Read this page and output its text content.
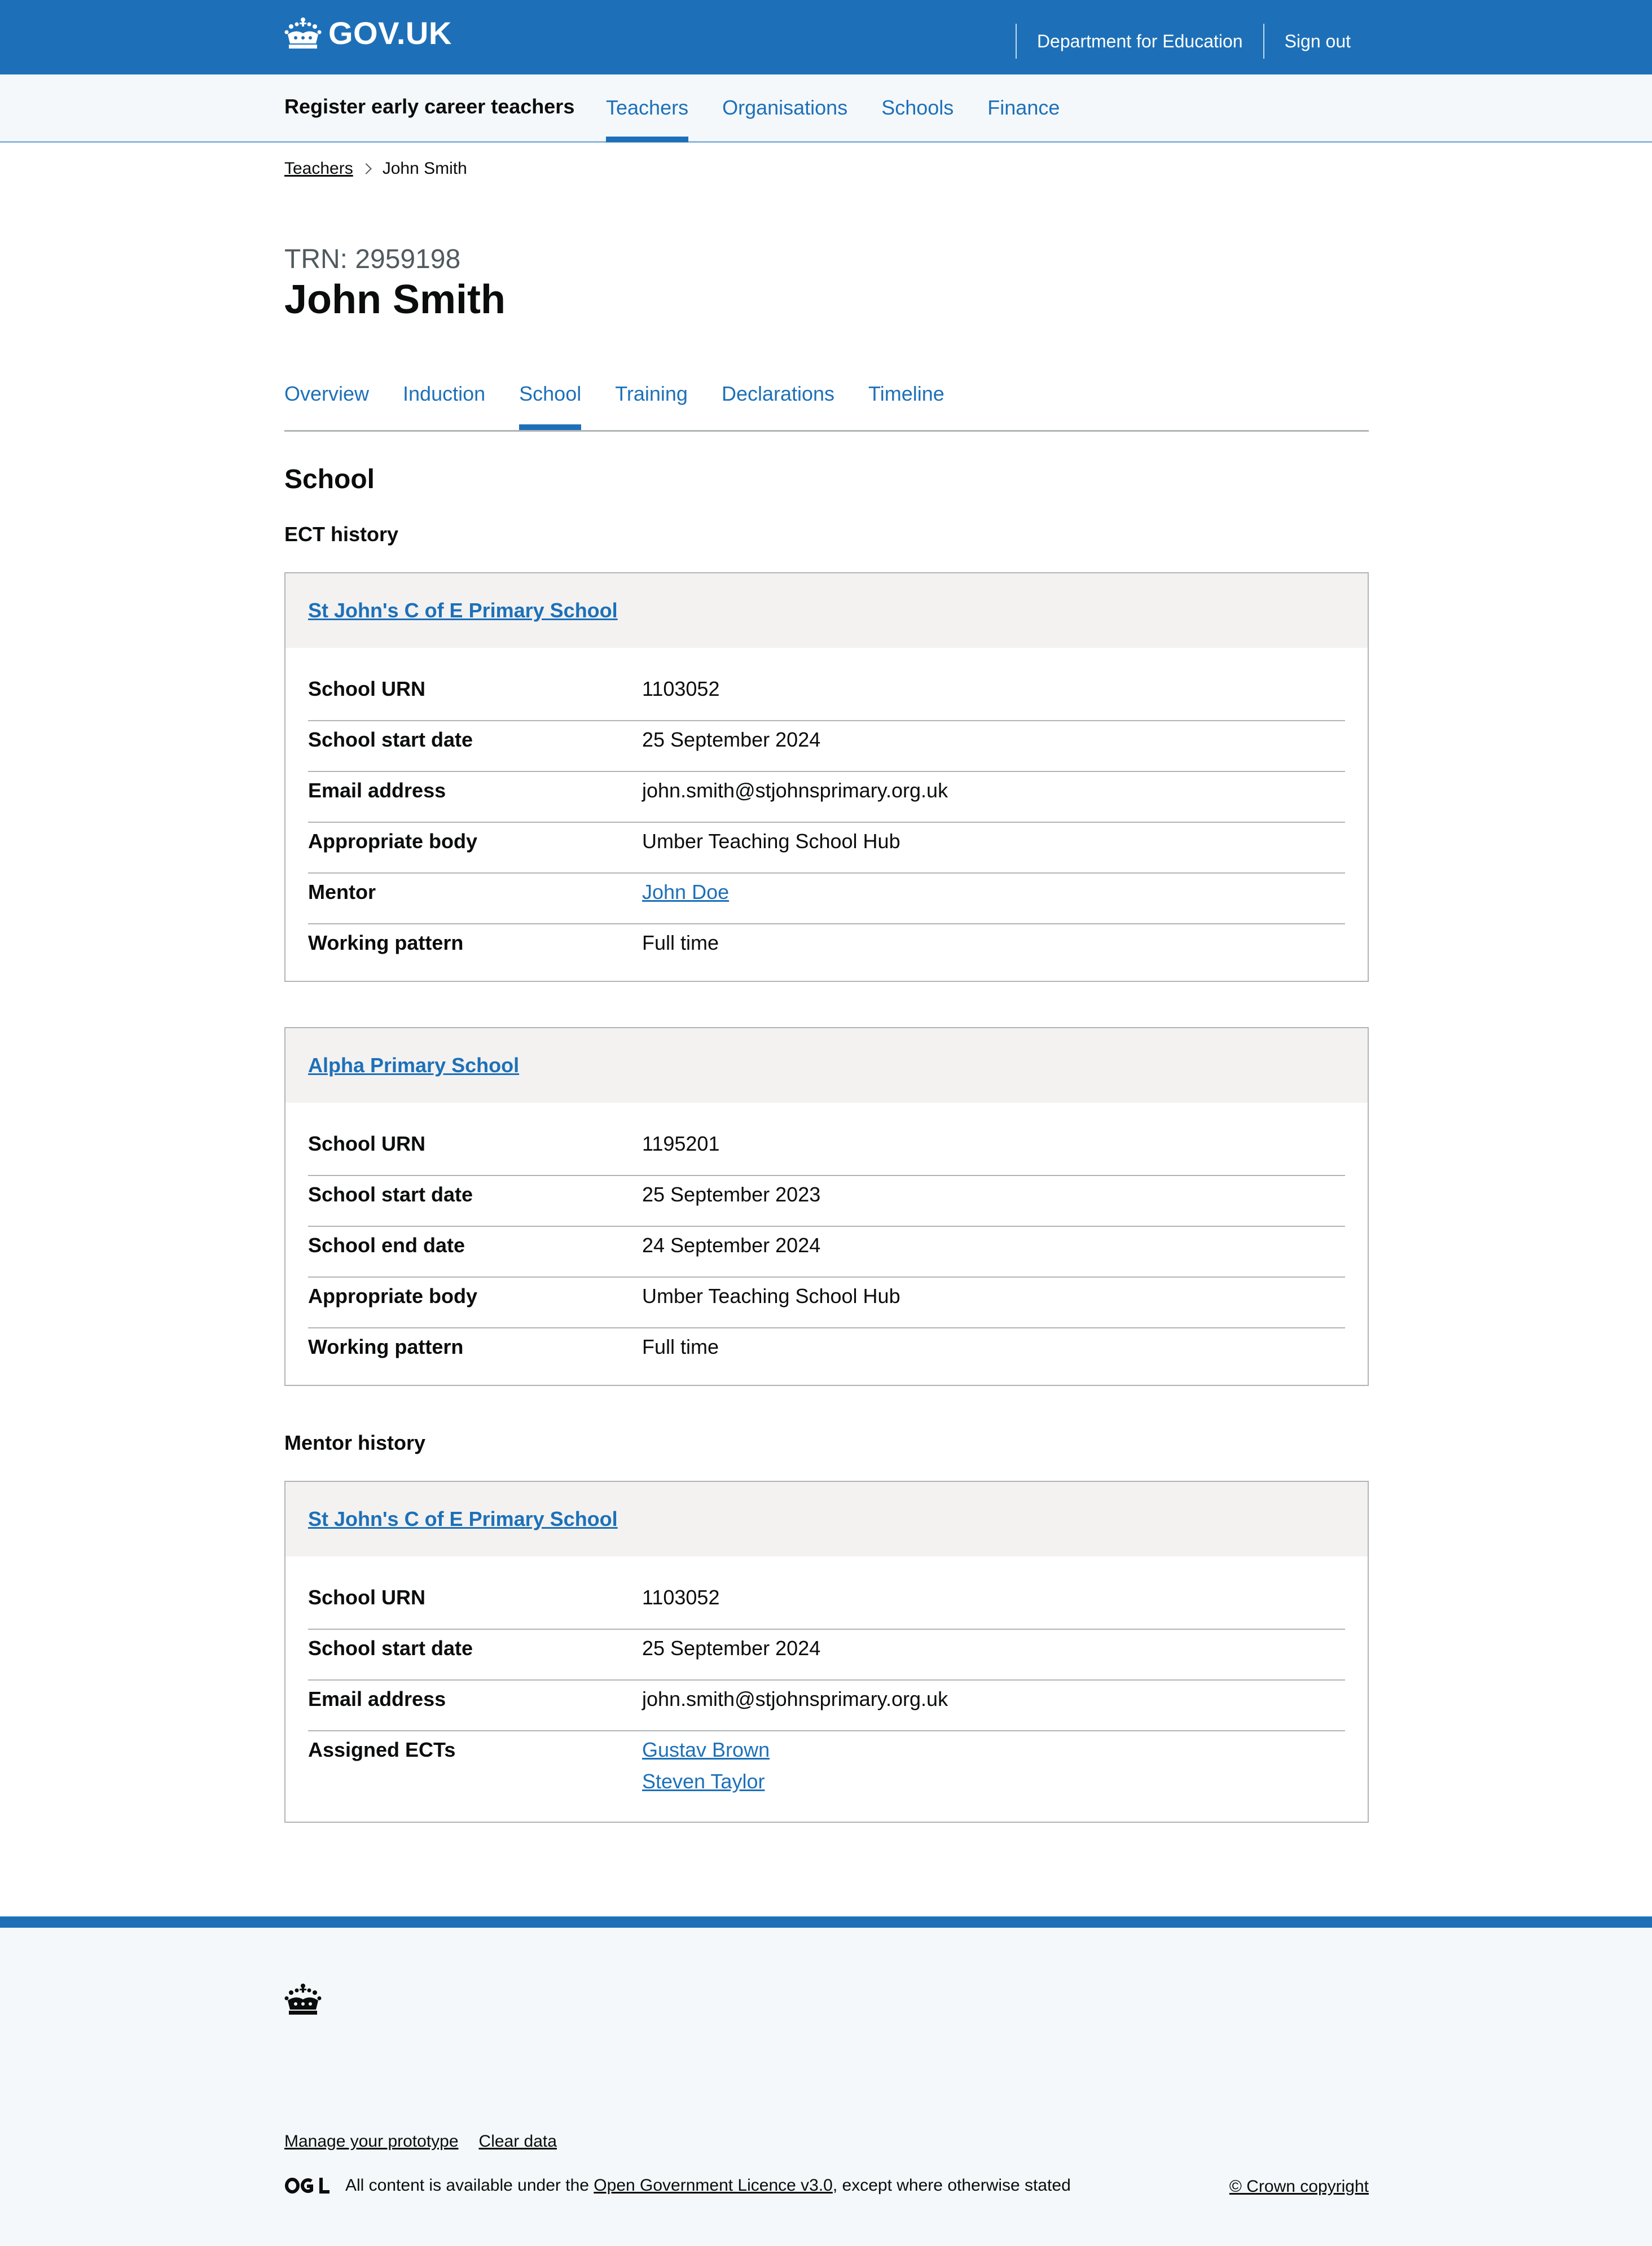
GOV.UK	Department for Education	Sign out
Register early career teachers Teachers Organisations Schools Finance
Teachers John Smith
TRN: 2959198
John Smith
Overview Induction School Training Declarations Timeline
School
ECT history
St John's C of E Primary School
School URN	1103052
School start date	25 September 2024
Email address	john.smith@stjohnsprimary.org.uk
Appropriate body	Umber Teaching School Hub
Mentor	John Doe
Working pattern	Full time
Alpha Primary School
School URN	1195201
School start date	25 September 2023
School end date	24 September 2024
Appropriate body	Umber Teaching School Hub
Working pattern	Full time
Mentor history
St John's C of E Primary School
School URN	1103052
School start date	25 September 2024
Email address	john.smith@stjohnsprimary.org.uk
Assigned ECTs	Gustav Brown
Steven Taylor
Manage your prototype Clear data
All content is available under the
Open Government Licence v3.0 , except where otherwise stated	© Crown copyright
